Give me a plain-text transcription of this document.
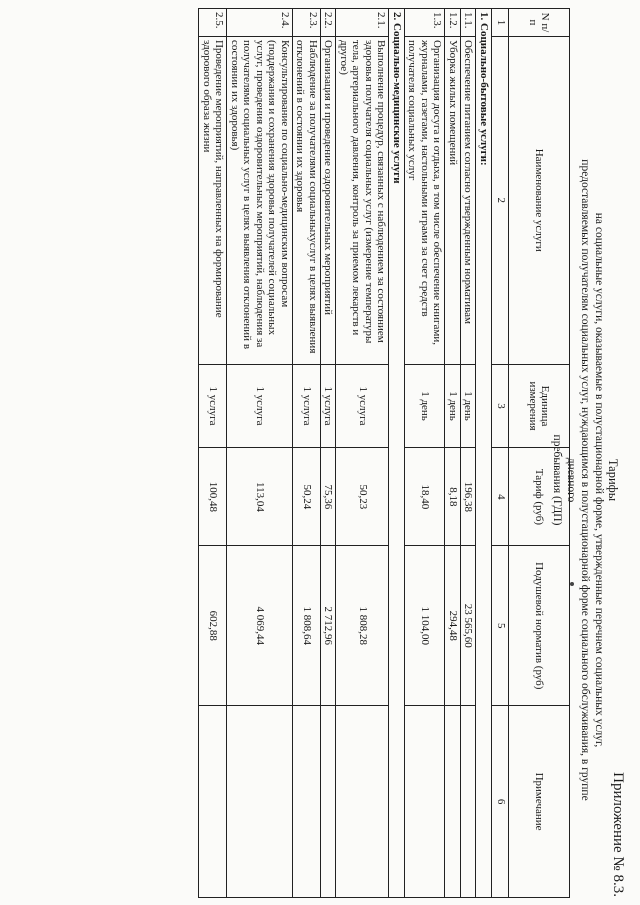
Приложение № 8.3.
Тарифы
на социальные услуги, оказываемые в полустационарной форме, утвержденные перечнем социальных услуг,
предоставляемых получателям социальных услуг, нуждающимся в полустационарной форме социального обслуживания, в группе дневного
пребывания (ГДП)
N п/п	Наименование услуги	Единица измерения	Тариф (руб)	Подушевой норматив (руб)	Примечание
1	2	3	4	5	6
1. Социально-бытовые услуги:					
1.1.	Обеспечение питанием согласно утвержденным нормативам	1 день	196,38	23 565,60	
1.2.	Уборка жилых помещений	1 день	8,18	294,48	
1.3.	Организация досуга и отдыха, в том числе обеспечение книгами, журналами, газетами, настольными играми за счет средств получателя социальных услуг	1 день	18,40	1 104,00	
2. Социально-медицинские услуги					
2.1.	Выполнение процедур, связанных с наблюдением за состоянием здоровья получателя социальных услуг (измерение температуры тела, артериального давления, контроль за приемом лекарств и другое)	1 услуга	50,23	1 808,28	
2.2.	Организация и проведение оздоровительных мероприятий	1 услуга	75,36	2 712,96	
2.3.	Наблюдение за получателями социальныхуслуг в целях выявления отклонений в состоянии их здоровья	1 услуга	50,24	1 808,64	
2.4.	Консультирование по социально-медицинским вопросам (поддержания и сохранения здоровья получателей социальных услуг, проведения оздоровительных мероприятий, наблюдения за получателями социальных услуг в целях выявления отклонений в состоянии их здоровья)	1 услуга	113,04	4 069,44	
2.5.	Проведение мероприятий, направленных на формирование здорового образа жизни	1 услуга	100,48	602,88	
